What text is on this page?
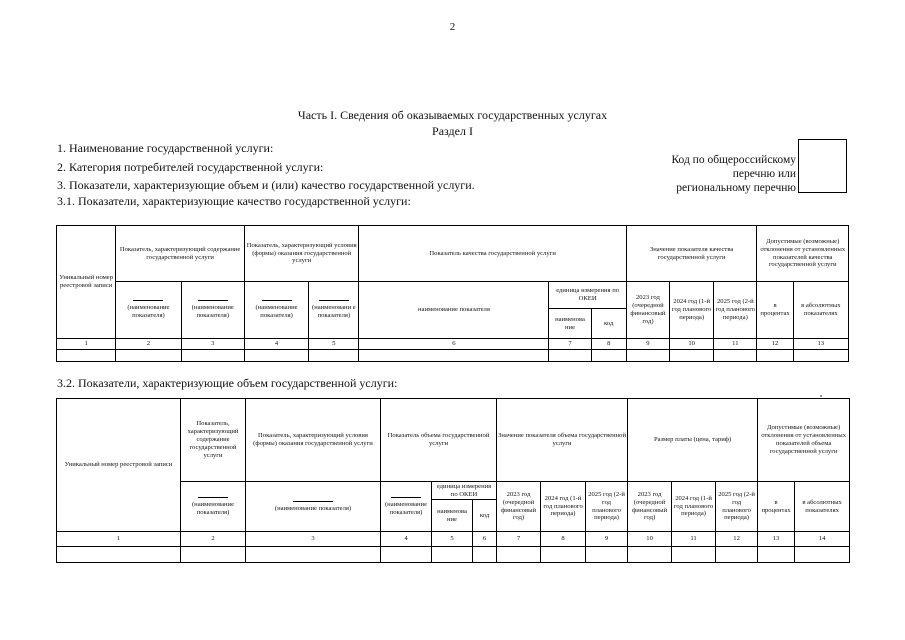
2
Часть I. Сведения об оказываемых государственных услугах
Раздел I
1. Наименование государственной услуги:
2. Категория потребителей государственной услуги:
3. Показатели, характеризующие объем и (или) качество государственной услуги.
3.1. Показатели, характеризующие качество государственной услуги:
Код по общероссийскому
перечню или
региональному перечню
Уникальный номер реестровой записи	Показатель, характеризующий содержание государственной услуги		Показатель, характеризующий условия (формы) оказания государственной услуги		Показатель качества государственной услуги			Значение показателя качества государственной услуги			Допустимые (возможные) отклонения от установленных показателей качества государственной услуги	

(наименование показателя)	(наименование показателя)	(наименование показателя)	(наименовани е показателя)	наименование показателя	единица измерения по ОКЕИ		2023 год (очередной финансовый год)	2024 год (1-й год планового периода)	2025 год (2-й год планового периода)	в процентах	в абсолютных показателях
						наименова ние	код					
1	2	3	4	5	6	7	8	9	10	11	12	13

3.2. Показатели, характеризующие объем государственной услуги:
Уникальный номер реестровой записи	Показатель, характеризующий содержание государственной услуги	Показатель, характеризующий условия (формы) оказания государственной услуги	Показатель объема государственной услуги			Значение показателя объема государственной услуги			Размер платы (цена, тариф)			Допустимые (возможные) отклонения от установленных показателей объема государственной услуги	

(наименование показателя)	(наименование показателя)	(наименование показателя)	единица измерения по ОКЕИ		2023 год (очередной финансовый год)	2024 год (1-й год планового периода)	2025 год (2-й год планового периода)	2023 год (очередной финансовый год)	2024 год (1-й год планового периода)	2025 год (2-й год планового периода)	в процентах	в абсолютных показателях
				наименова ние	код								
1	2	3	4	5	6	7	8	9	10	11	12	13	14
